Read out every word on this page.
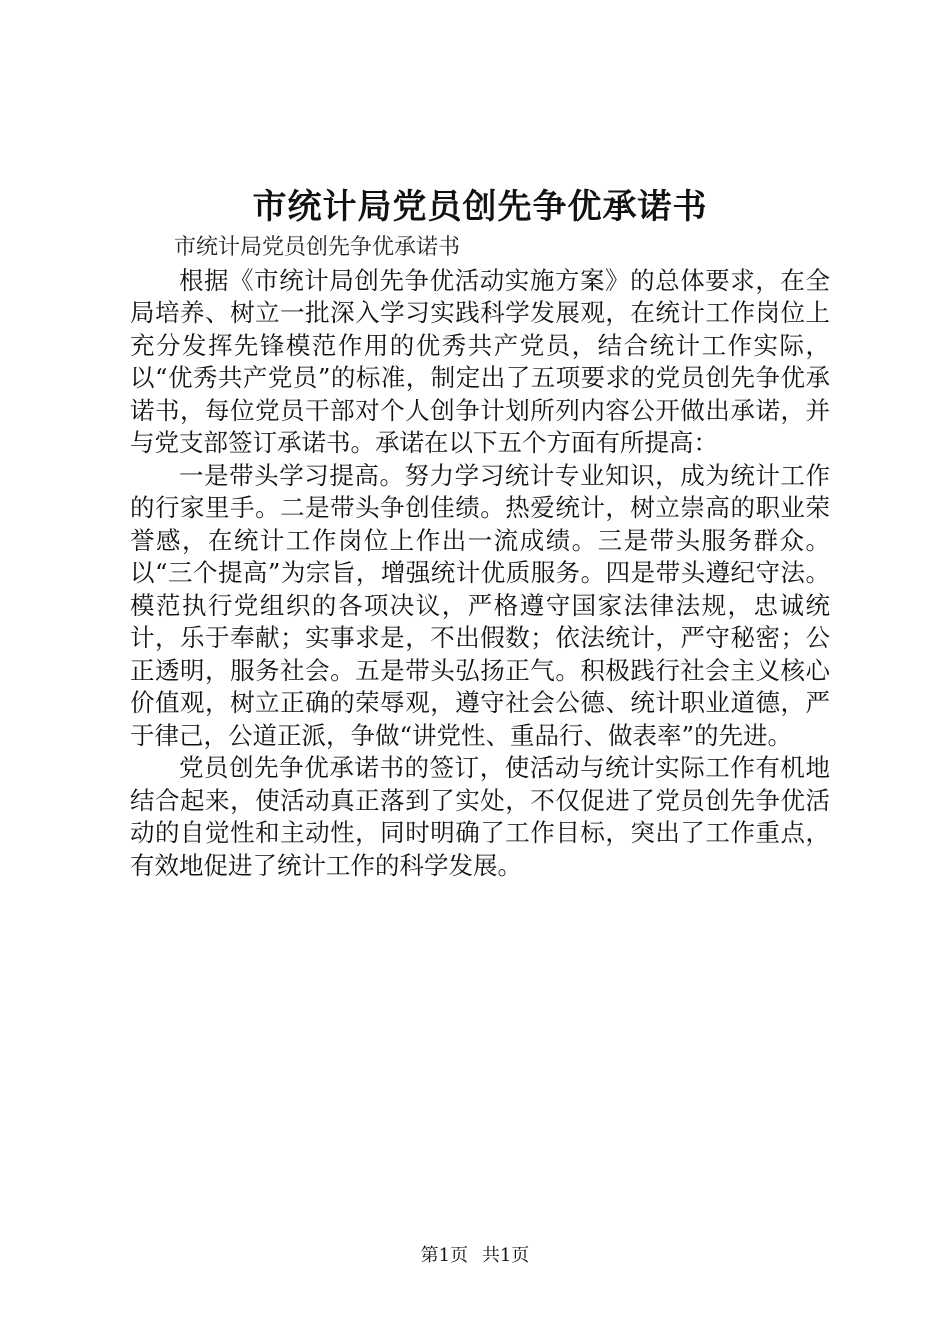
市统计局党员创先争优承诺书

市统计局党员创先争优承诺书

根据《市统计局创先争优活动实施方案》的总体要求，在全局培养、树立一批深入学习实践科学发展观，在统计工作岗位上充分发挥先锋模范作用的优秀共产党员，结合统计工作实际，以“优秀共产党员”的标准，制定出了五项要求的党员创先争优承诺书，每位党员干部对个人创争计划所列内容公开做出承诺，并与党支部签订承诺书。承诺在以下五个方面有所提高：

一是带头学习提高。努力学习统计专业知识，成为统计工作的行家里手。二是带头争创佳绩。热爱统计，树立崇高的职业荣誉感，在统计工作岗位上作出一流成绩。三是带头服务群众。以“三个提高”为宗旨，增强统计优质服务。四是带头遵纪守法。模范执行党组织的各项决议，严格遵守国家法律法规，忠诚统计，乐于奉献；实事求是，不出假数；依法统计，严守秘密；公正透明，服务社会。五是带头弘扬正气。积极践行社会主义核心价值观，树立正确的荣辱观，遵守社会公德、统计职业道德，严于律己，公道正派，争做“讲党性、重品行、做表率”的先进。

党员创先争优承诺书的签订，使活动与统计实际工作有机地结合起来，使活动真正落到了实处，不仅促进了党员创先争优活动的自觉性和主动性，同时明确了工作目标，突出了工作重点，有效地促进了统计工作的科学发展。

第1页 共1页
